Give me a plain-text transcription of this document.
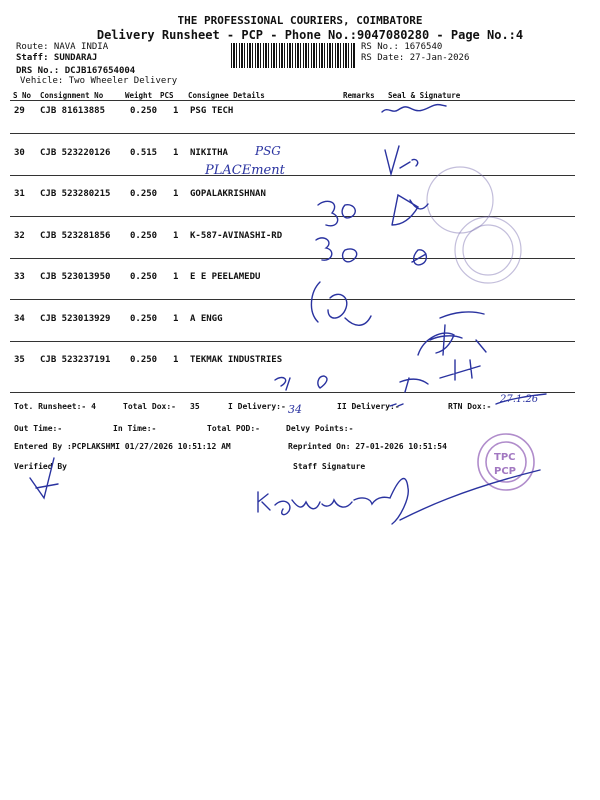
THE PROFESSIONAL COURIERS, COIMBATORE
Delivery Runsheet - PCP - Phone No.:9047080280 - Page No.:4
Route: NAVA INDIA
Staff: SUNDARAJ
DRS No.: DCJB167654004
Vehicle: Two Wheeler Delivery
RS No.: 1676540
RS Date: 27-Jan-2026
S No Consignment No	Weight PCS Consignee Details	Remarks Seal & Signature
29 CJB 81613885	0.250 1 PSG TECH
30 CJB 523220126 0.515 1 NIKITHA
31 CJB 523280215 0.250 1 GOPALAKRISHNAN
32 CJB 523281856 0.250 1 K-587-AVINASHI-RD
33 CJB 523013950 0.250 1 E E PEELAMEDU
34 CJB 523013929 0.250 1 A ENGG
35 CJB 523237191 0.250 1 TEKMAK INDUSTRIES
Tot. Runsheet:- 4	Total Dox:- 35	I Delivery:-	II Delivery:-	RTN Dox:-
Out Time:-	In Time:-	Total POD:-	Delvy Points:-
Entered By :PCPLAKSHMI 01/27/2026 10:51:12 AM	Reprinted On: 27-01-2026 10:51:54
Verified By	Staff Signature
PSG
PLACEment
34
27.1.26
TPC
PCP
